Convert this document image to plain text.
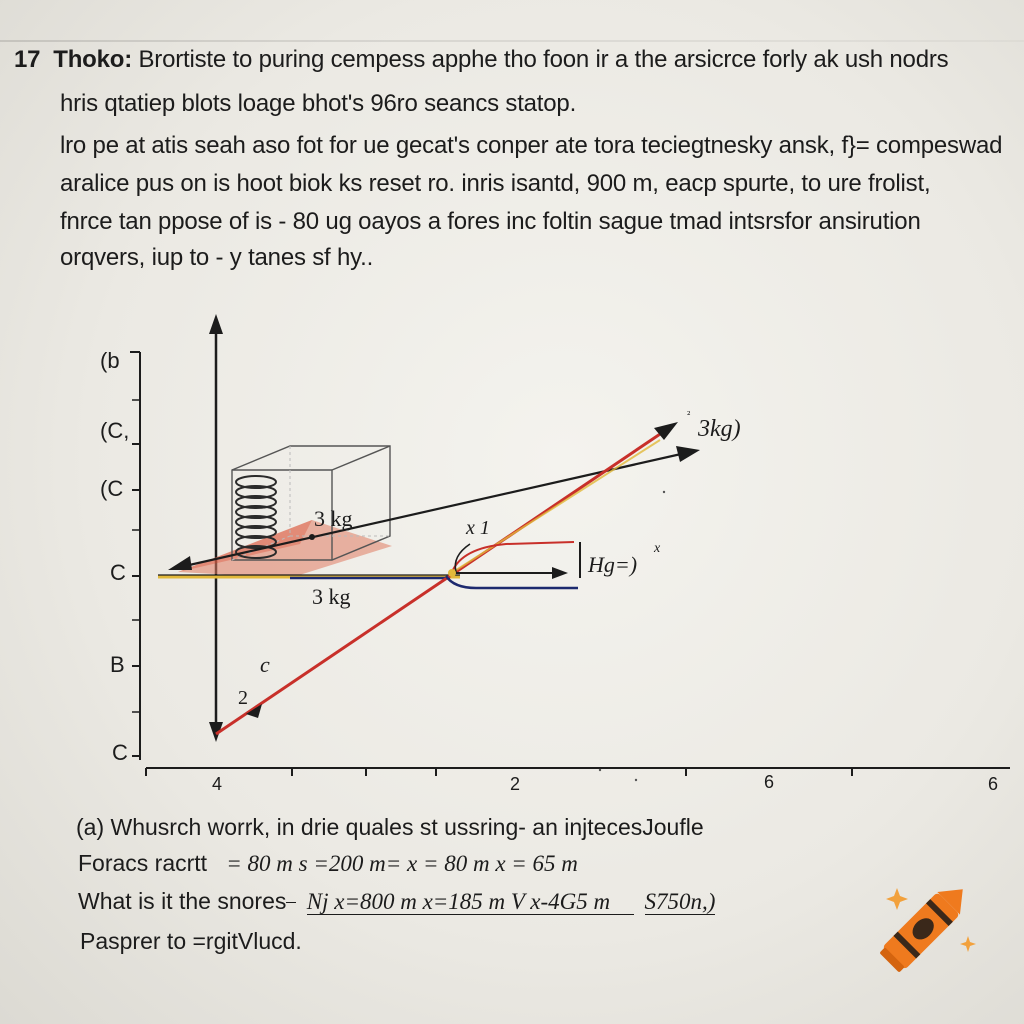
17 Thoko: Brortiste to puring cempess apphe tho foon ir a the arsicrce forly ak ush nodrs
hris qtatiep blots loage bhot's 96ro seancs statop.
lro pe at atis seah aso fot for ue gecat's conper ate tora teciegtnesky ansk, f}= compeswad
aralice pus on is hoot biok ks reset ro. inris isantd, 900 m, eacp spurte, to ure frolist,
fnrce tan ppose of is - 80 ug oayos a fores inc foltin sague tmad intsrsfor ansirution
orqvers, iup to - y tanes sf hy..
(b
(C,
(C
C
B
C
4	2	6	6
3 kg
3 kg
x 1
Hg=)
x
²
3kg)
c
2
(a) Whusrch worrk, in drie quales st ussring- an injtecesJoufle
Foracs racrtt = 80 m s =200 m= x = 80 m x = 65 m
What is it the snores Nj x=800 m x=185 m V x-4G5 m S750n,)
Pasprer to =rgitVlucd.
